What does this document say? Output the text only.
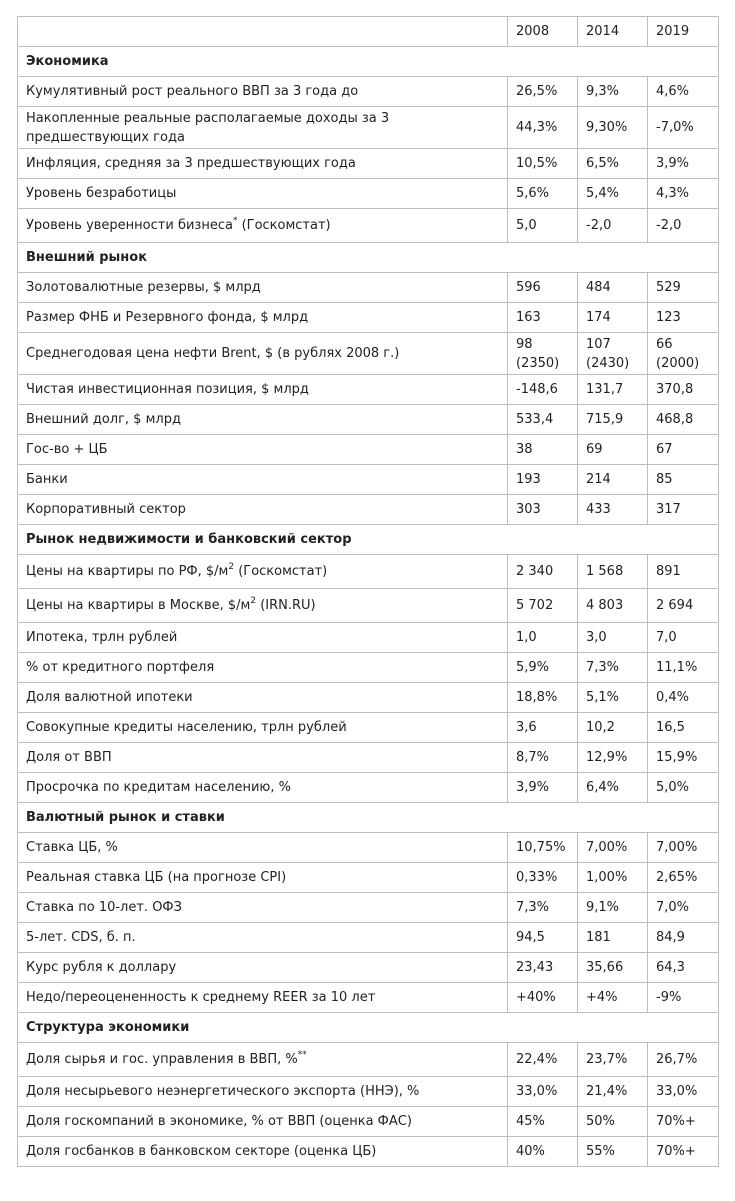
	2008	2014	2019
Экономика			
Кумулятивный рост реального ВВП за 3 года до	26,5%	9,3%	4,6%
Накопленные реальные располагаемые доходы за 3 предшествующих года	44,3%	9,30%	-7,0%
Инфляция, средняя за 3 предшествующих года	10,5%	6,5%	3,9%
Уровень безработицы	5,6%	5,4%	4,3%
Уровень уверенности бизнеса* (Госкомстат)	5,0	-2,0	-2,0
Внешний рынок			
Золотовалютные резервы, $ млрд	596	484	529
Размер ФНБ и Резервного фонда, $ млрд	163	174	123
Среднегодовая цена нефти Brent, $ (в рублях 2008 г.)	98 (2350)	107 (2430)	66 (2000)
Чистая инвестиционная позиция, $ млрд	-148,6	131,7	370,8
Внешний долг, $ млрд	533,4	715,9	468,8
Гос-во + ЦБ	38	69	67
Банки	193	214	85
Корпоративный сектор	303	433	317
Рынок недвижимости и банковский сектор			
Цены на квартиры по РФ, $\$/м^2$ (Госкомстат)	2 340	1 568	891
Цены на квартиры в Москве, $\$/м^2$ (IRN.RU)	5 702	4 803	2 694
Ипотека, трлн рублей	1,0	3,0	7,0
% от кредитного портфеля	5,9%	7,3%	11,1%
Доля валютной ипотеки	18,8%	5,1%	0,4%
Совокупные кредиты населению, трлн рублей	3,6	10,2	16,5
Доля от ВВП	8,7%	12,9%	15,9%
Просрочка по кредитам населению, %	3,9%	6,4%	5,0%
Валютный рынок и ставки			
Ставка ЦБ, %	10,75%	7,00%	7,00%
Реальная ставка ЦБ (на прогнозе CPI)	0,33%	1,00%	2,65%
Ставка по 10-лет. ОФЗ	7,3%	9,1%	7,0%
5-лет. CDS, б. п.	94,5	181	84,9
Курс рубля к доллару	23,43	35,66	64,3
Недо/переоцененность к среднему REER за 10 лет	+40%	+4%	-9%
Структура экономики			
Доля сырья и гос. управления в ВВП, %**	22,4%	23,7%	26,7%
Доля несырьевого неэнергетического экспорта (ННЭ), %	33,0%	21,4%	33,0%
Доля госкомпаний в экономике, % от ВВП (оценка ФАС)	45%	50%	70%+
Доля госбанков в банковском секторе (оценка ЦБ)	40%	55%	70%+
